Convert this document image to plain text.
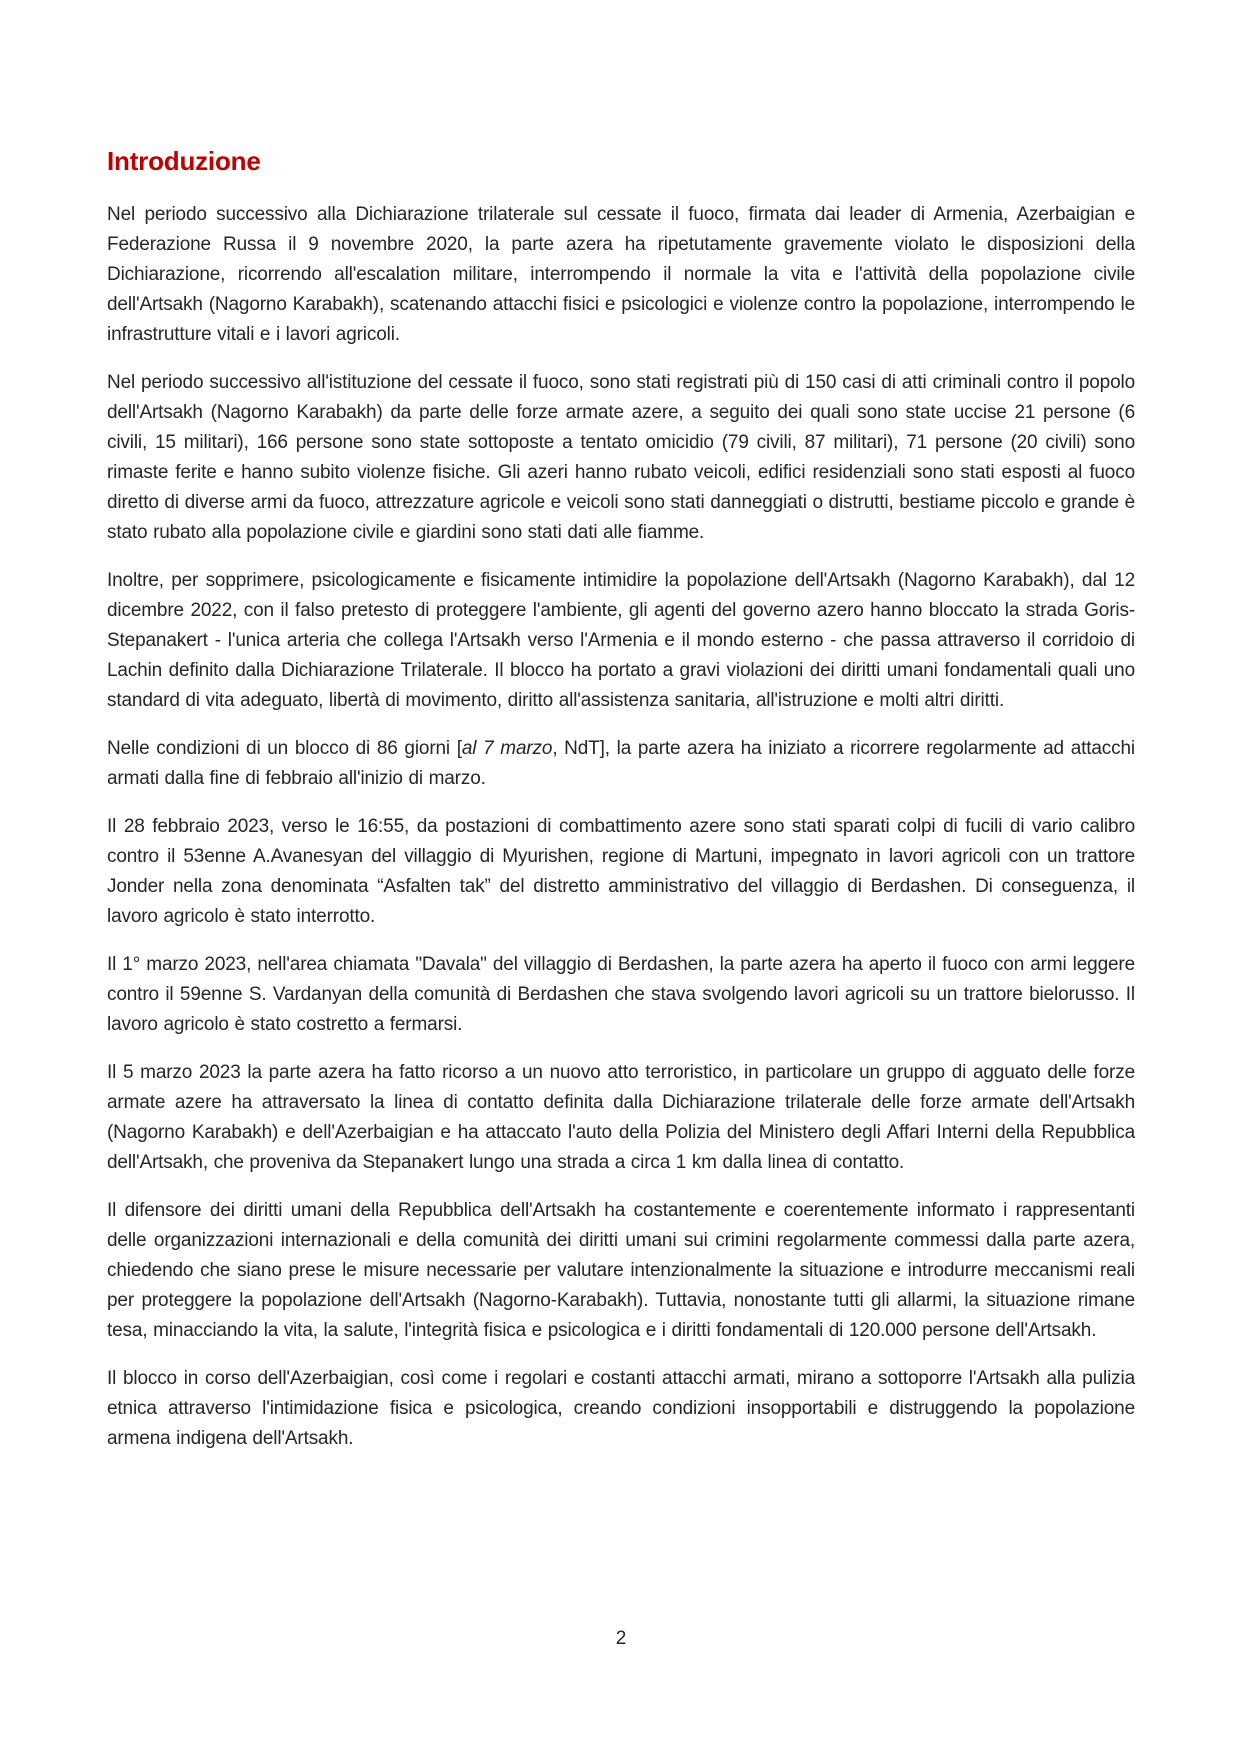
Introduzione

Nel periodo successivo alla Dichiarazione trilaterale sul cessate il fuoco, firmata dai leader di Armenia, Azerbaigian e Federazione Russa il 9 novembre 2020, la parte azera ha ripetutamente gravemente violato le disposizioni della Dichiarazione, ricorrendo all'escalation militare, interrompendo il normale la vita e l'attività della popolazione civile dell'Artsakh (Nagorno Karabakh), scatenando attacchi fisici e psicologici e violenze contro la popolazione, interrompendo le infrastrutture vitali e i lavori agricoli.

Nel periodo successivo all'istituzione del cessate il fuoco, sono stati registrati più di 150 casi di atti criminali contro il popolo dell'Artsakh (Nagorno Karabakh) da parte delle forze armate azere, a seguito dei quali sono state uccise 21 persone (6 civili, 15 militari), 166 persone sono state sottoposte a tentato omicidio (79 civili, 87 militari), 71 persone (20 civili) sono rimaste ferite e hanno subito violenze fisiche. Gli azeri hanno rubato veicoli, edifici residenziali sono stati esposti al fuoco diretto di diverse armi da fuoco, attrezzature agricole e veicoli sono stati danneggiati o distrutti, bestiame piccolo e grande è stato rubato alla popolazione civile e giardini sono stati dati alle fiamme.

Inoltre, per sopprimere, psicologicamente e fisicamente intimidire la popolazione dell'Artsakh (Nagorno Karabakh), dal 12 dicembre 2022, con il falso pretesto di proteggere l'ambiente, gli agenti del governo azero hanno bloccato la strada Goris-Stepanakert - l'unica arteria che collega l'Artsakh verso l'Armenia e il mondo esterno - che passa attraverso il corridoio di Lachin definito dalla Dichiarazione Trilaterale. Il blocco ha portato a gravi violazioni dei diritti umani fondamentali quali uno standard di vita adeguato, libertà di movimento, diritto all'assistenza sanitaria, all'istruzione e molti altri diritti.

Nelle condizioni di un blocco di 86 giorni [al 7 marzo, NdT], la parte azera ha iniziato a ricorrere regolarmente ad attacchi armati dalla fine di febbraio all'inizio di marzo.

Il 28 febbraio 2023, verso le 16:55, da postazioni di combattimento azere sono stati sparati colpi di fucili di vario calibro contro il 53enne A.Avanesyan del villaggio di Myurishen, regione di Martuni, impegnato in lavori agricoli con un trattore Jonder nella zona denominata “Asfalten tak” del distretto amministrativo del villaggio di Berdashen. Di conseguenza, il lavoro agricolo è stato interrotto.

Il 1° marzo 2023, nell'area chiamata "Davala" del villaggio di Berdashen, la parte azera ha aperto il fuoco con armi leggere contro il 59enne S. Vardanyan della comunità di Berdashen che stava svolgendo lavori agricoli su un trattore bielorusso. Il lavoro agricolo è stato costretto a fermarsi.

Il 5 marzo 2023 la parte azera ha fatto ricorso a un nuovo atto terroristico, in particolare un gruppo di agguato delle forze armate azere ha attraversato la linea di contatto definita dalla Dichiarazione trilaterale delle forze armate dell'Artsakh (Nagorno Karabakh) e dell'Azerbaigian e ha attaccato l'auto della Polizia del Ministero degli Affari Interni della Repubblica dell'Artsakh, che proveniva da Stepanakert lungo una strada a circa 1 km dalla linea di contatto.

Il difensore dei diritti umani della Repubblica dell'Artsakh ha costantemente e coerentemente informato i rappresentanti delle organizzazioni internazionali e della comunità dei diritti umani sui crimini regolarmente commessi dalla parte azera, chiedendo che siano prese le misure necessarie per valutare intenzionalmente la situazione e introdurre meccanismi reali per proteggere la popolazione dell'Artsakh (Nagorno-Karabakh). Tuttavia, nonostante tutti gli allarmi, la situazione rimane tesa, minacciando la vita, la salute, l'integrità fisica e psicologica e i diritti fondamentali di 120.000 persone dell'Artsakh.

Il blocco in corso dell'Azerbaigian, così come i regolari e costanti attacchi armati, mirano a sottoporre l'Artsakh alla pulizia etnica attraverso l'intimidazione fisica e psicologica, creando condizioni insopportabili e distruggendo la popolazione armena indigena dell'Artsakh.

2
